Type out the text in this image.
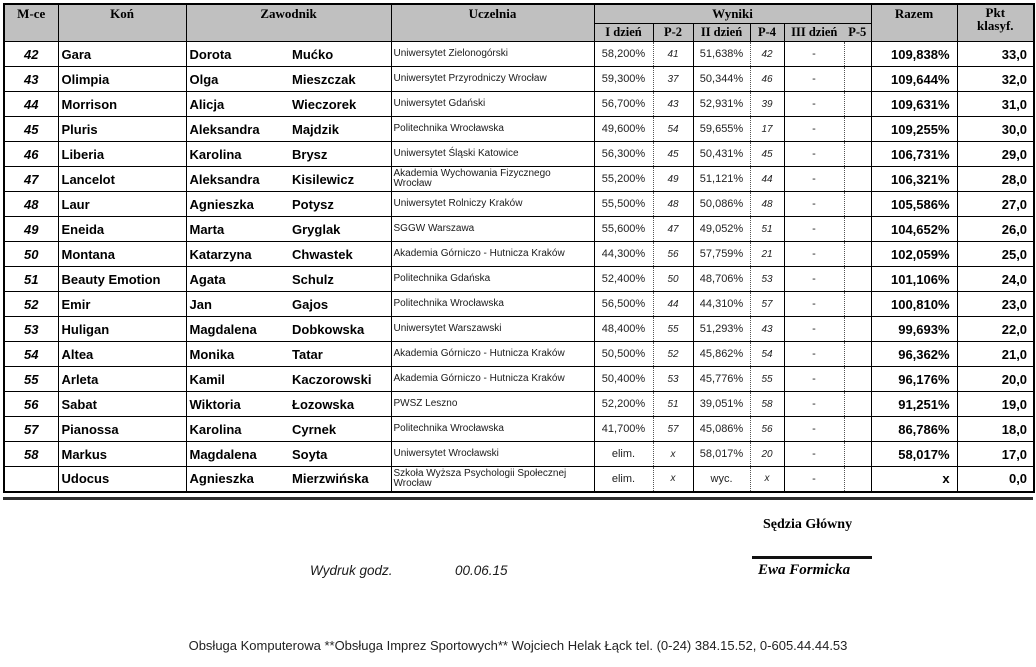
M-ce	Koń	Zawodnik		Uczelnia	Wyniki						Razem	Pkt
klasyf.

					I dzień	P-2	II dzień	P-4	III dzień	P-5		
42	Gara	Dorota	Mućko	Uniwersytet Zielonogórski	58,200%	41	51,638%	42	-		109,838%	33,0
43	Olimpia	Olga	Mieszczak	Uniwersytet Przyrodniczy Wrocław	59,300%	37	50,344%	46	-		109,644%	32,0
44	Morrison	Alicja	Wieczorek	Uniwersytet Gdański	56,700%	43	52,931%	39	-		109,631%	31,0
45	Pluris	Aleksandra	Majdzik	Politechnika Wrocławska	49,600%	54	59,655%	17	-		109,255%	30,0
46	Liberia	Karolina	Brysz	Uniwersytet Śląski Katowice	56,300%	45	50,431%	45	-		106,731%	29,0
47	Lancelot	Aleksandra	Kisilewicz	Akademia Wychowania Fizycznego Wrocław	55,200%	49	51,121%	44	-		106,321%	28,0
48	Laur	Agnieszka	Potysz	Uniwersytet Rolniczy Kraków	55,500%	48	50,086%	48	-		105,586%	27,0
49	Eneida	Marta	Gryglak	SGGW Warszawa	55,600%	47	49,052%	51	-		104,652%	26,0
50	Montana	Katarzyna	Chwastek	Akademia Górniczo - Hutnicza Kraków	44,300%	56	57,759%	21	-		102,059%	25,0
51	Beauty Emotion	Agata	Schulz	Politechnika Gdańska	52,400%	50	48,706%	53	-		101,106%	24,0
52	Emir	Jan	Gajos	Politechnika Wrocławska	56,500%	44	44,310%	57	-		100,810%	23,0
53	Huligan	Magdalena	Dobkowska	Uniwersytet Warszawski	48,400%	55	51,293%	43	-		99,693%	22,0
54	Altea	Monika	Tatar	Akademia Górniczo - Hutnicza Kraków	50,500%	52	45,862%	54	-		96,362%	21,0
55	Arleta	Kamil	Kaczorowski	Akademia Górniczo - Hutnicza Kraków	50,400%	53	45,776%	55	-		96,176%	20,0
56	Sabat	Wiktoria	Łozowska	PWSZ Leszno	52,200%	51	39,051%	58	-		91,251%	19,0
57	Pianossa	Karolina	Cyrnek	Politechnika Wrocławska	41,700%	57	45,086%	56	-		86,786%	18,0
58	Markus	Magdalena	Soyta	Uniwersytet Wrocławski	elim.	x	58,017%	20	-		58,017%	17,0
	Udocus	Agnieszka	Mierzwińska	Szkoła Wyższa Psychologii Społecznej Wrocław	elim.	x	wyc.	x	-		x	0,0
Sędzia Główny
Wydruk godz.	00.06.15	Ewa Formicka
Obsługa Komputerowa **Obsługa Imprez Sportowych** Wojciech Helak Łąck tel. (0-24) 384.15.52, 0-605.44.44.53
